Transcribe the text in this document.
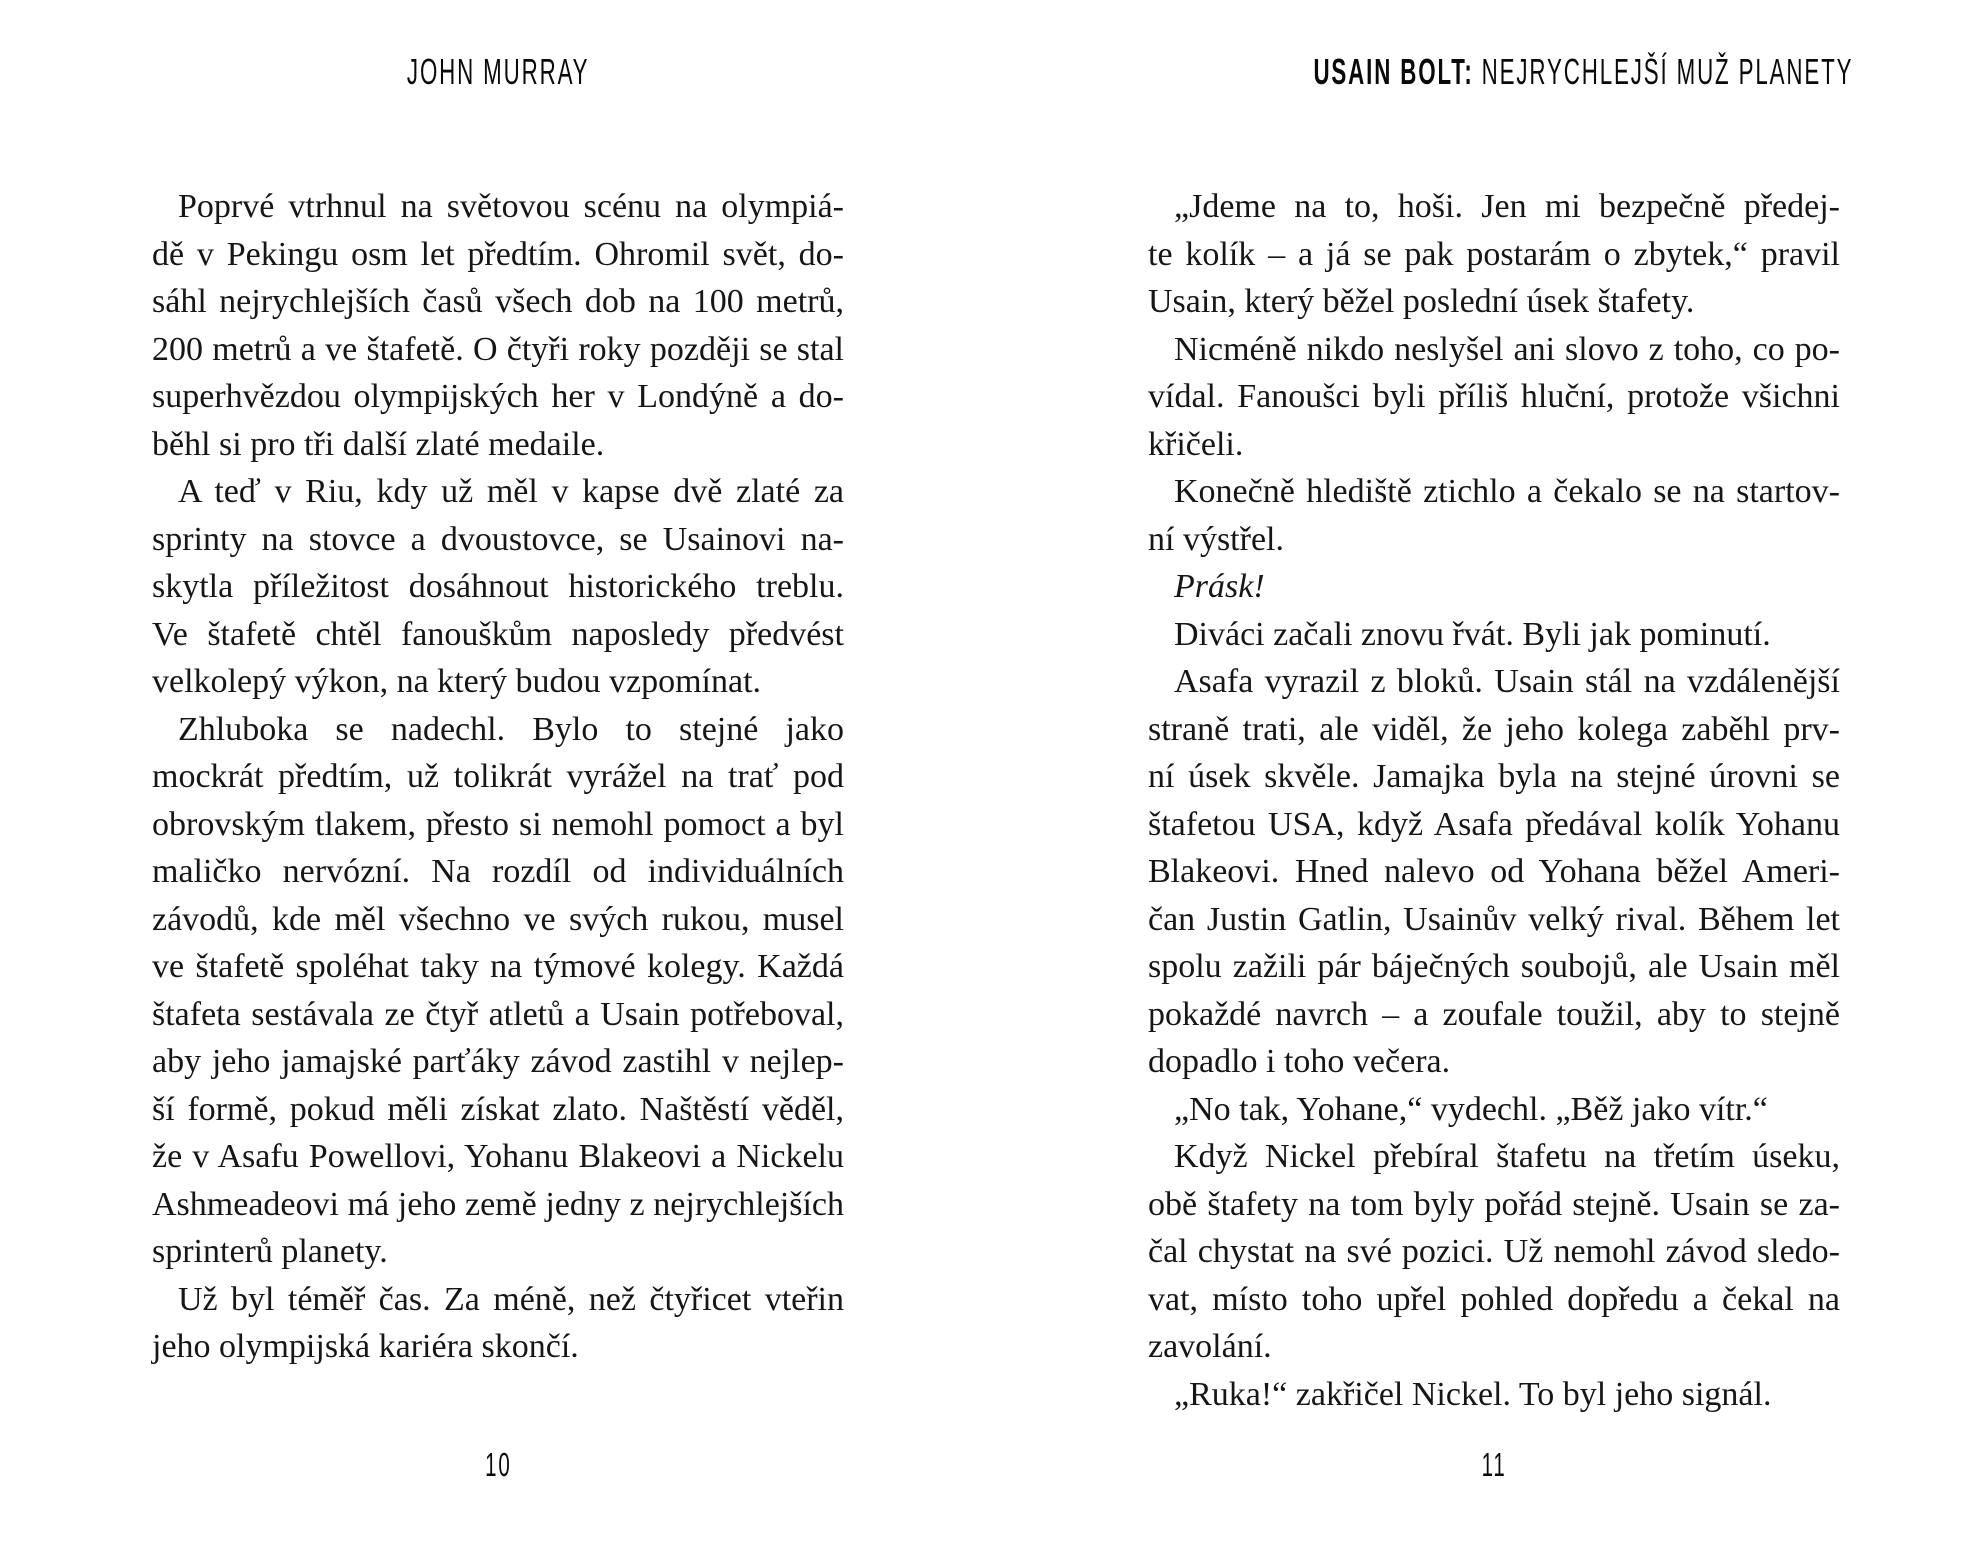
JOHN MURRAY
Poprvé vtrhnul na světovou scénu na olympiá-
dě v Pekingu osm let předtím. Ohromil svět, do-
sáhl nejrychlejších časů všech dob na 100 metrů,
200 metrů a ve štafetě. O čtyři roky později se stal
superhvězdou olympijských her v Londýně a do-
běhl si pro tři další zlaté medaile.
A teď v Riu, kdy už měl v kapse dvě zlaté za
sprinty na stovce a dvoustovce, se Usainovi na-
skytla příležitost dosáhnout historického treblu.
Ve štafetě chtěl fanouškům naposledy předvést
velkolepý výkon, na který budou vzpomínat.
Zhluboka se nadechl. Bylo to stejné jako
mockrát předtím, už tolikrát vyrážel na trať pod
obrovským tlakem, přesto si nemohl pomoct a byl
maličko nervózní. Na rozdíl od individuálních
závodů, kde měl všechno ve svých rukou, musel
ve štafetě spoléhat taky na týmové kolegy. Každá
štafeta sestávala ze čtyř atletů a Usain potřeboval,
aby jeho jamajské parťáky závod zastihl v nejlep-
ší formě, pokud měli získat zlato. Naštěstí věděl,
že v Asafu Powellovi, Yohanu Blakeovi a Nickelu
Ashmeadeovi má jeho země jedny z nejrychlejších
sprinterů planety.
Už byl téměř čas. Za méně, než čtyřicet vteřin
jeho olympijská kariéra skončí.
10
USAIN BOLT: NEJRYCHLEJŠÍ MUŽ PLANETY
„Jdeme na to, hoši. Jen mi bezpečně předej-
te kolík – a já se pak postarám o zbytek,“ pravil
Usain, který běžel poslední úsek štafety.
Nicméně nikdo neslyšel ani slovo z toho, co po-
vídal. Fanoušci byli příliš hluční, protože všichni
křičeli.
Konečně hlediště ztichlo a čekalo se na startov-
ní výstřel.
Prásk!
Diváci začali znovu řvát. Byli jak pominutí.
Asafa vyrazil z bloků. Usain stál na vzdálenější
straně trati, ale viděl, že jeho kolega zaběhl prv-
ní úsek skvěle. Jamajka byla na stejné úrovni se
štafetou USA, když Asafa předával kolík Yohanu
Blakeovi. Hned nalevo od Yohana běžel Ameri-
čan Justin Gatlin, Usainův velký rival. Během let
spolu zažili pár báječných soubojů, ale Usain měl
pokaždé navrch – a zoufale toužil, aby to stejně
dopadlo i toho večera.
„No tak, Yohane,“ vydechl. „Běž jako vítr.“
Když Nickel přebíral štafetu na třetím úseku,
obě štafety na tom byly pořád stejně. Usain se za-
čal chystat na své pozici. Už nemohl závod sledo-
vat, místo toho upřel pohled dopředu a čekal na
zavolání.
„Ruka!“ zakřičel Nickel. To byl jeho signál.
11
